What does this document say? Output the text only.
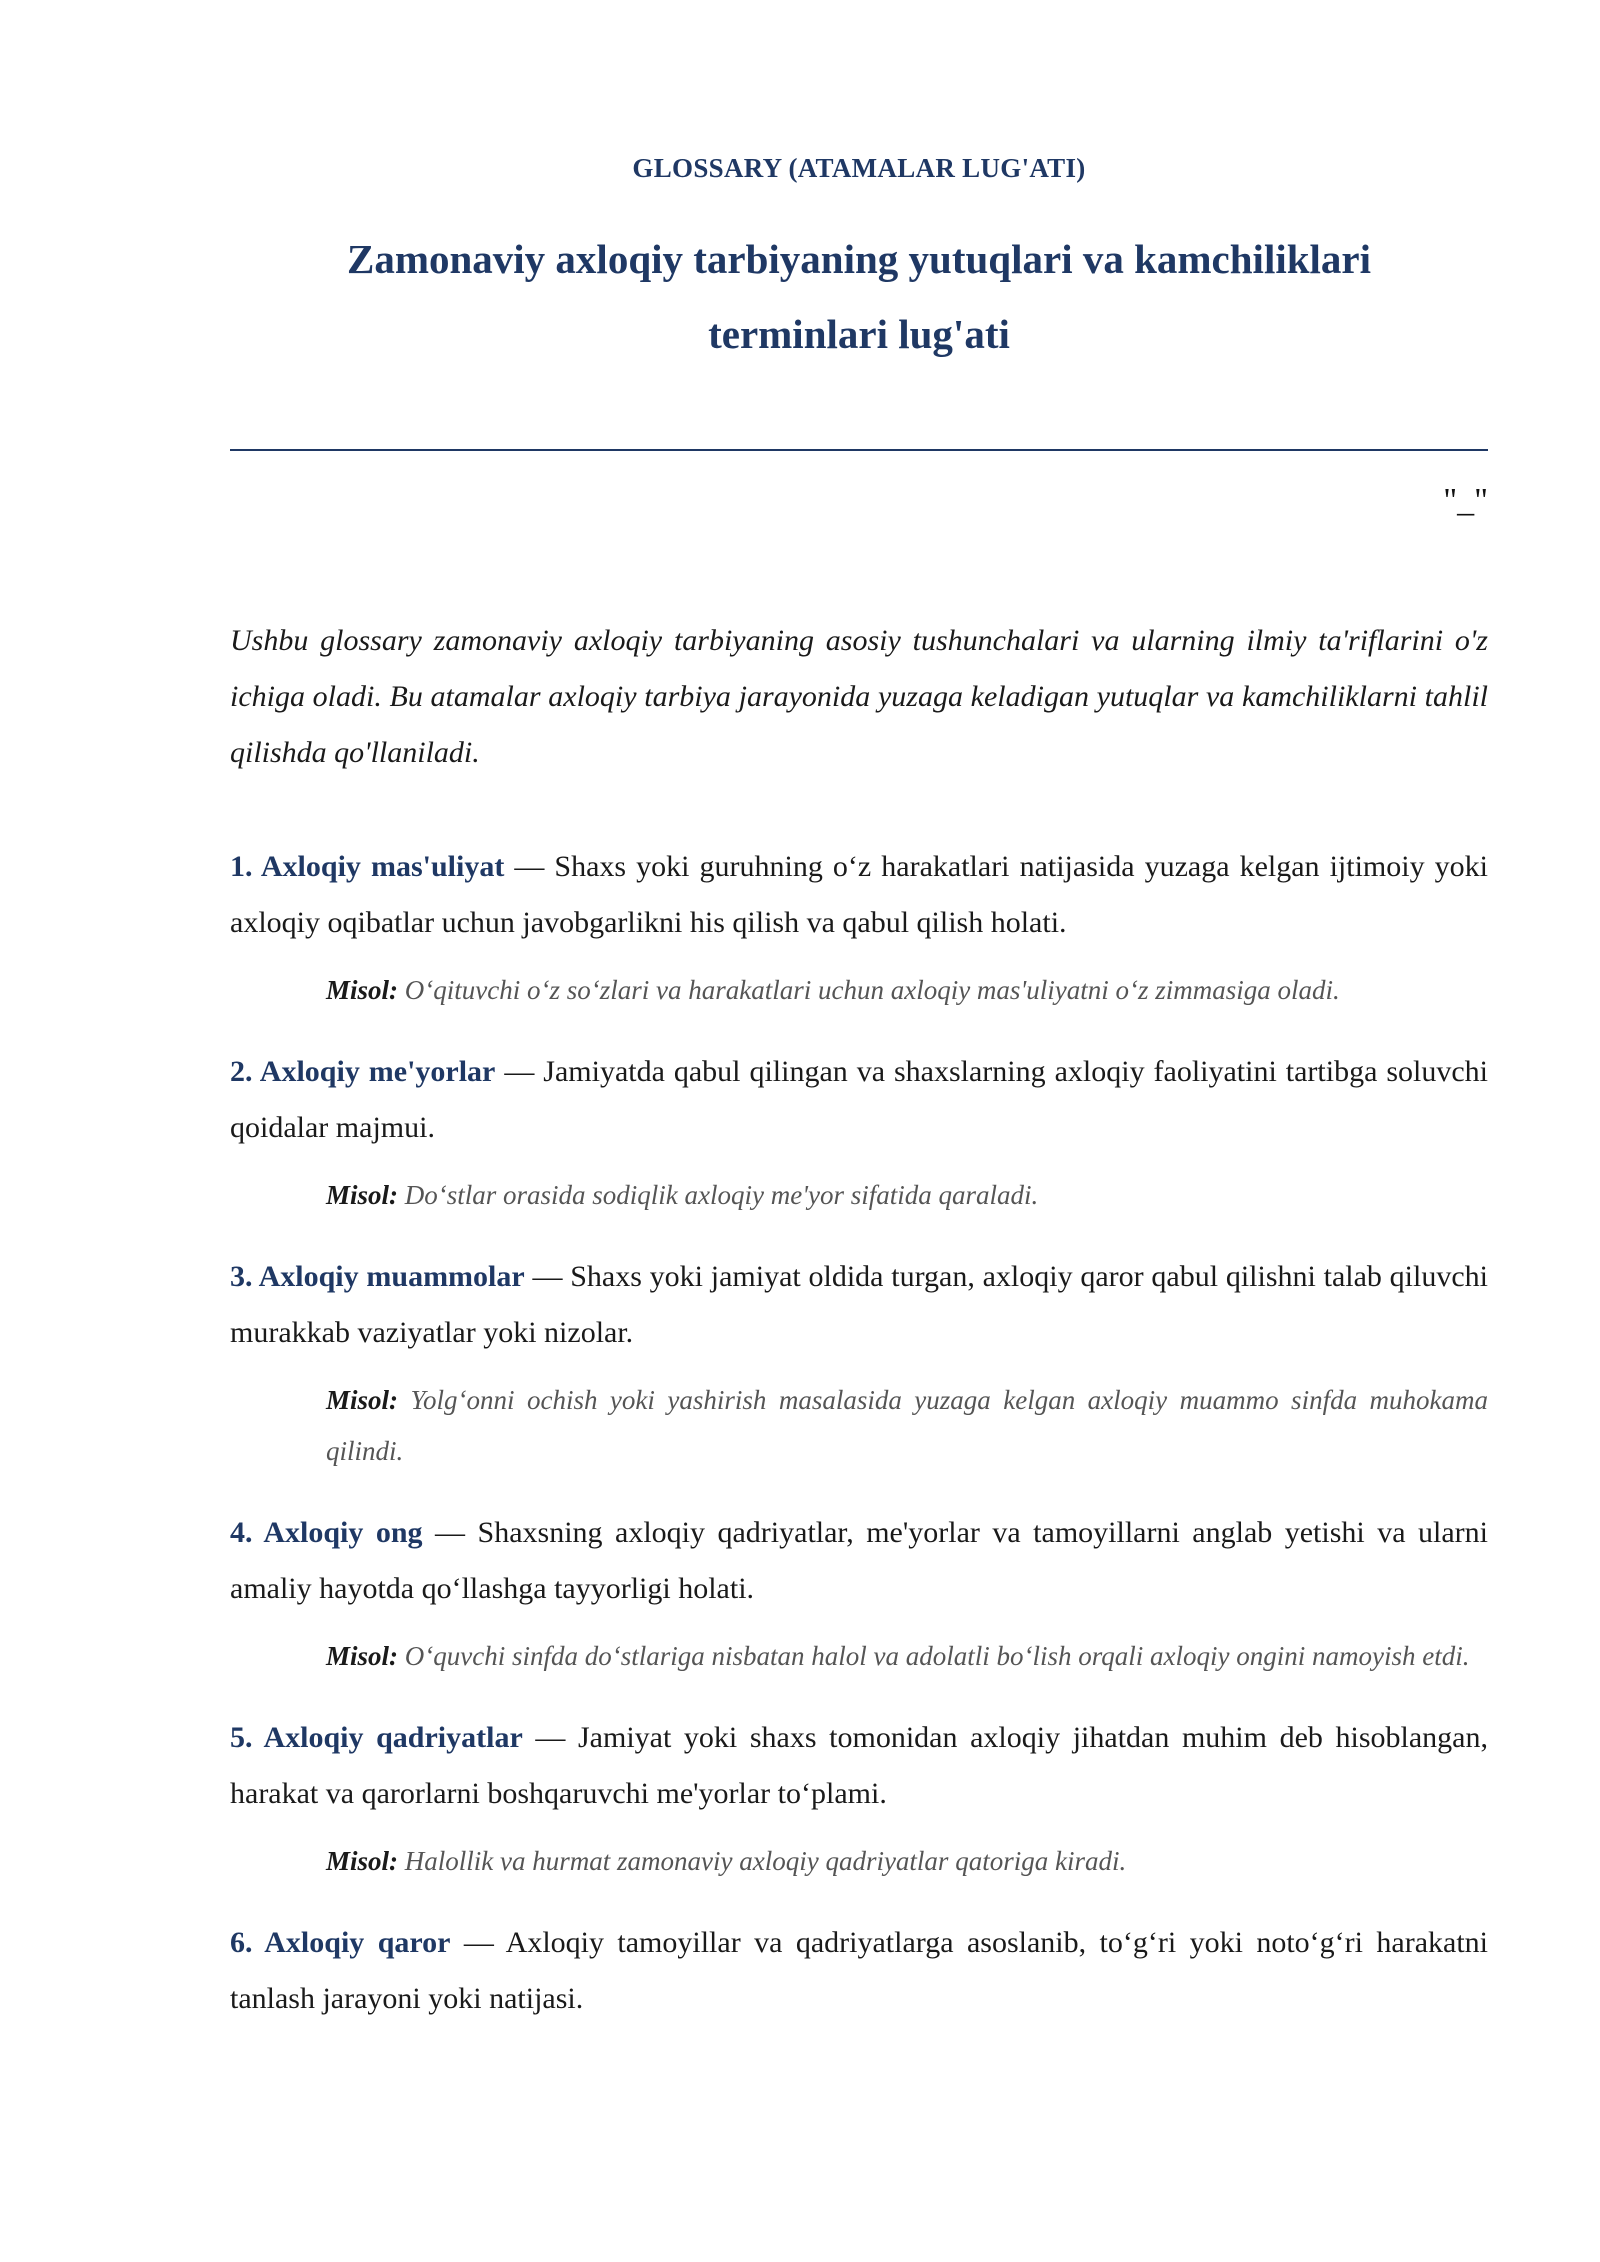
GLOSSARY (ATAMALAR LUG'ATI)
Zamonaviy axloqiy tarbiyaning yutuqlari va kamchiliklari
terminlari lug'ati
"_"
Ushbu glossary zamonaviy axloqiy tarbiyaning asosiy tushunchalari va ularning ilmiy ta'riflarini o'z ichiga oladi. Bu atamalar axloqiy tarbiya jarayonida yuzaga keladigan yutuqlar va kamchiliklarni tahlil qilishda qo'llaniladi.
1. Axloqiy mas'uliyat — Shaxs yoki guruhning oʻz harakatlari natijasida yuzaga kelgan ijtimoiy yoki axloqiy oqibatlar uchun javobgarlikni his qilish va qabul qilish holati.
Misol: Oʻqituvchi oʻz soʻzlari va harakatlari uchun axloqiy mas'uliyatni oʻz zimmasiga oladi.
2. Axloqiy me'yorlar — Jamiyatda qabul qilingan va shaxslarning axloqiy faoliyatini tartibga soluvchi qoidalar majmui.
Misol: Doʻstlar orasida sodiqlik axloqiy me'yor sifatida qaraladi.
3. Axloqiy muammolar — Shaxs yoki jamiyat oldida turgan, axloqiy qaror qabul qilishni talab qiluvchi murakkab vaziyatlar yoki nizolar.
Misol: Yolgʻonni ochish yoki yashirish masalasida yuzaga kelgan axloqiy muammo sinfda muhokama qilindi.
4. Axloqiy ong — Shaxsning axloqiy qadriyatlar, me'yorlar va tamoyillarni anglab yetishi va ularni amaliy hayotda qoʻllashga tayyorligi holati.
Misol: Oʻquvchi sinfda doʻstlariga nisbatan halol va adolatli boʻlish orqali axloqiy ongini namoyish etdi.
5. Axloqiy qadriyatlar — Jamiyat yoki shaxs tomonidan axloqiy jihatdan muhim deb hisoblangan, harakat va qarorlarni boshqaruvchi me'yorlar toʻplami.
Misol: Halollik va hurmat zamonaviy axloqiy qadriyatlar qatoriga kiradi.
6. Axloqiy qaror — Axloqiy tamoyillar va qadriyatlarga asoslanib, toʻgʻri yoki notoʻgʻri harakatni tanlash jarayoni yoki natijasi.
